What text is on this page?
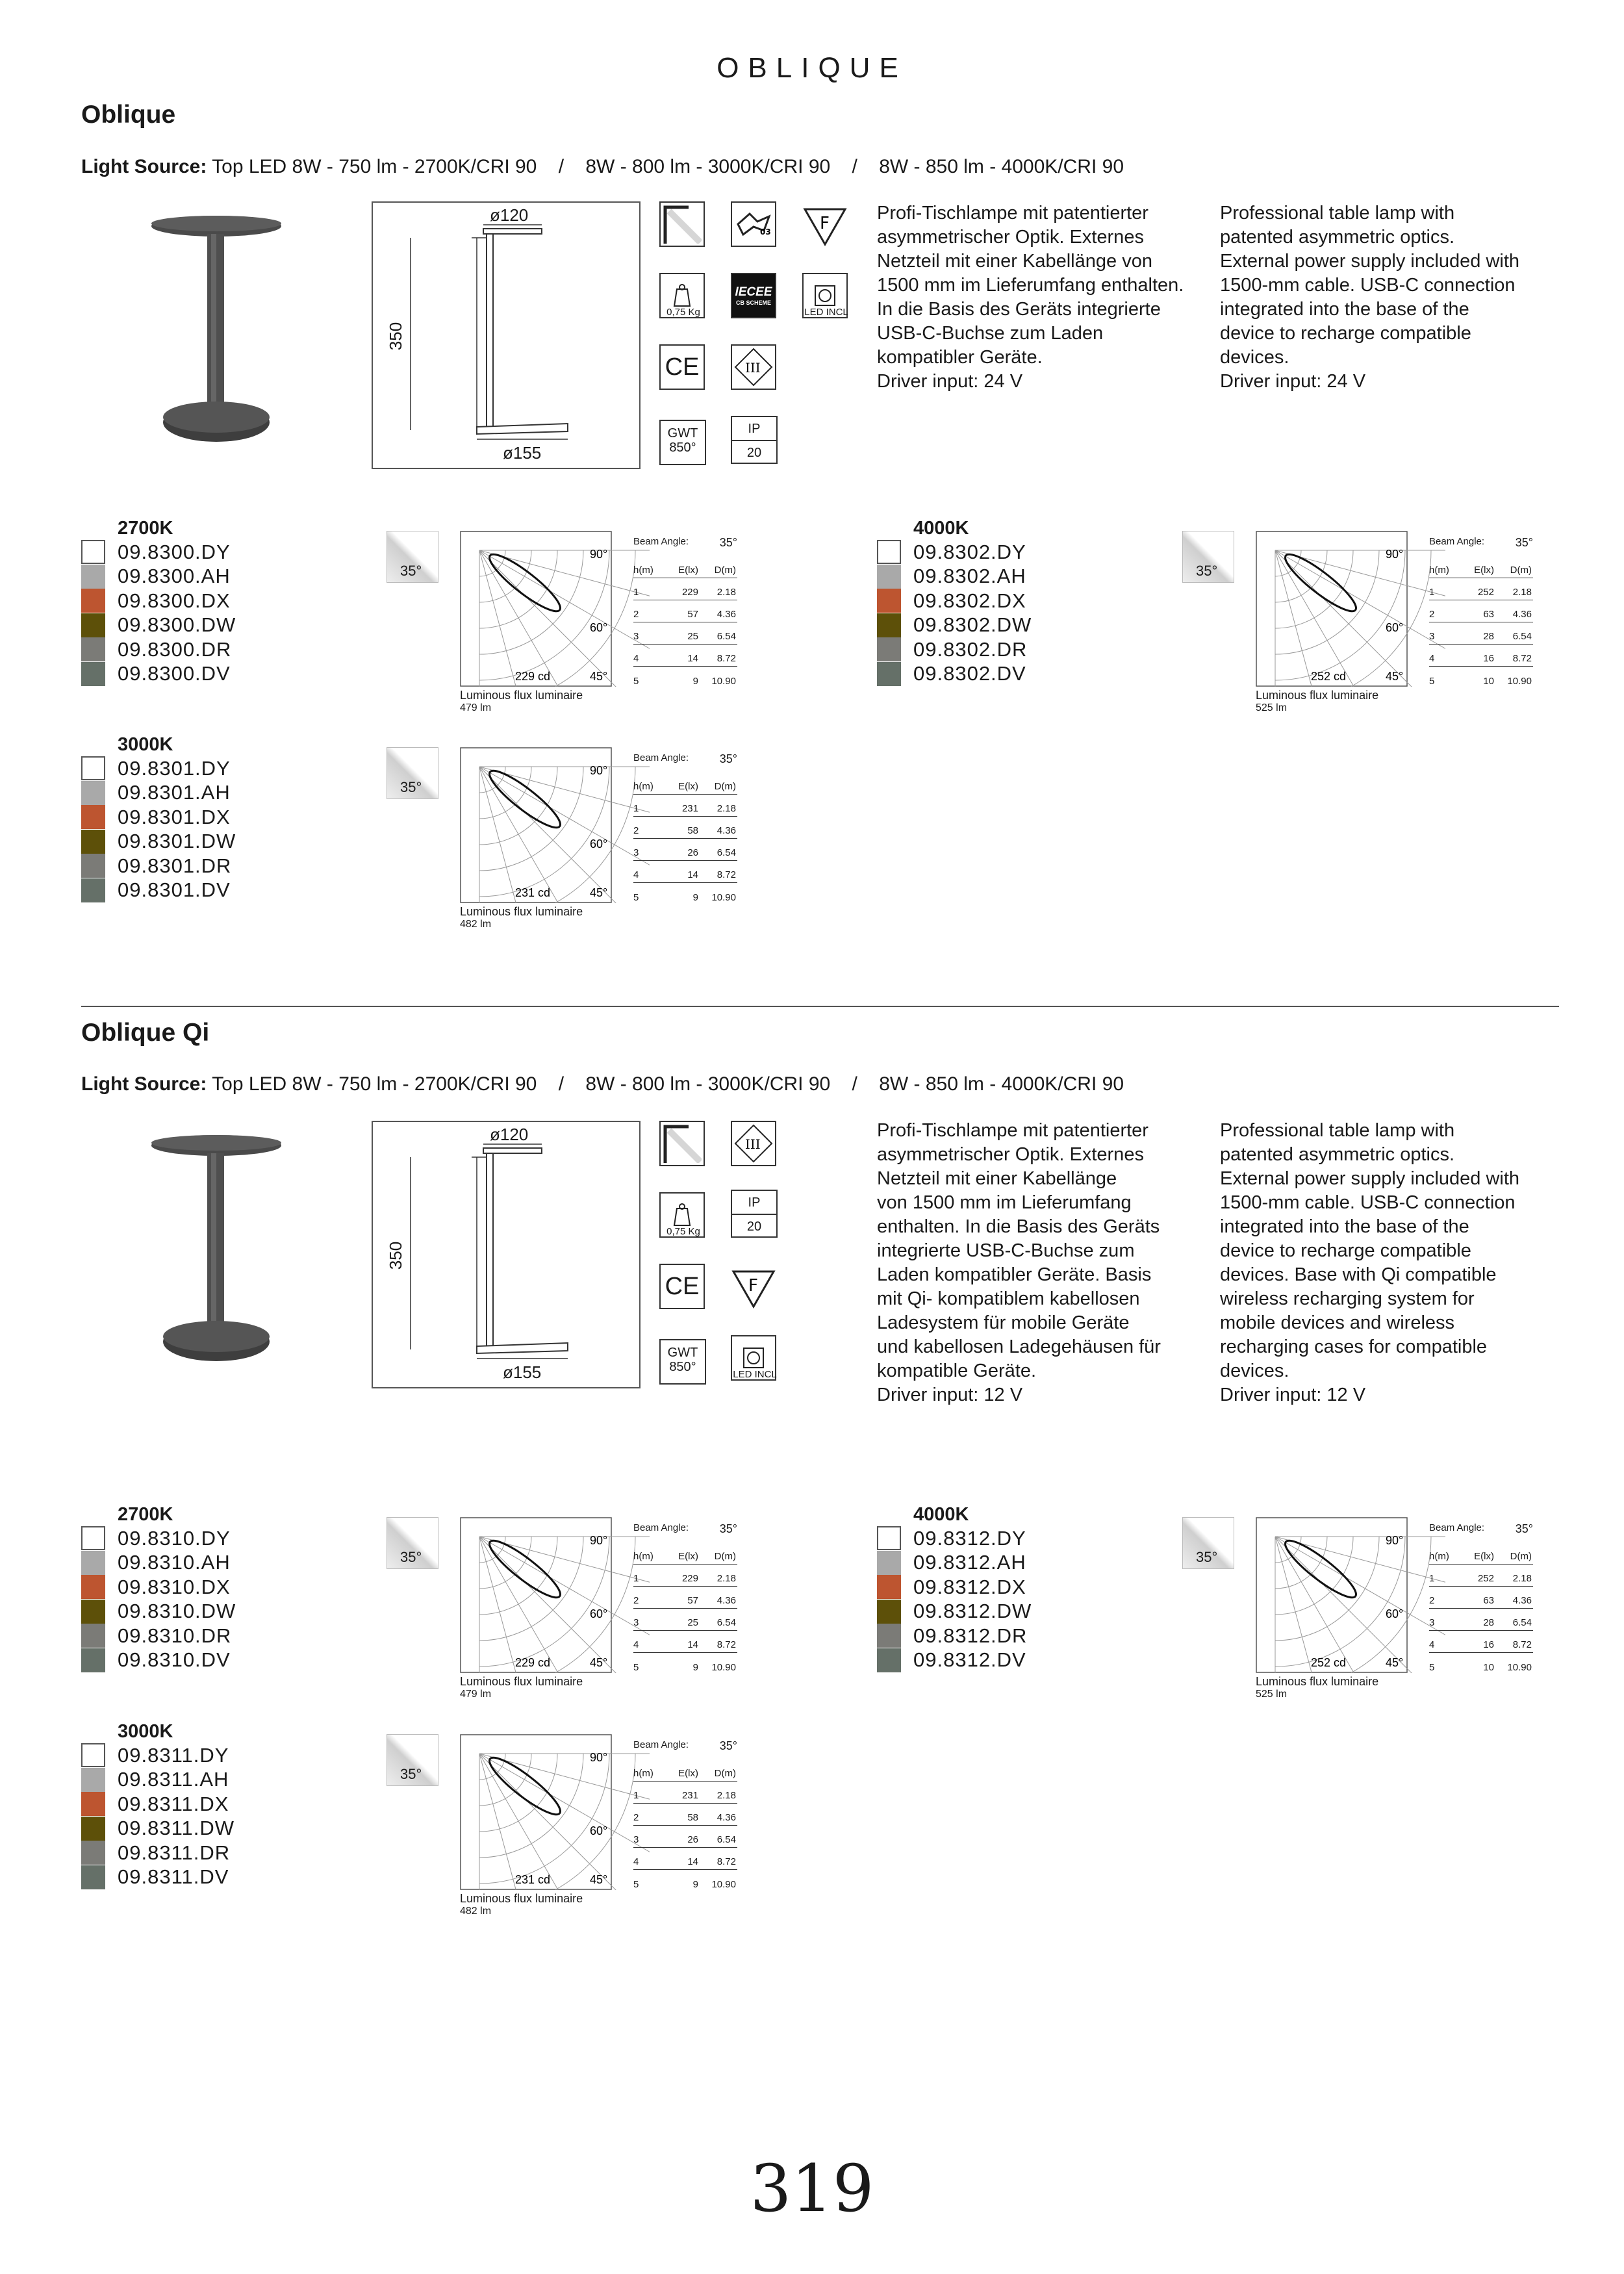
OBLIQUE
Oblique
Light Source: Top LED 8W - 750 lm - 2700K/CRI 90    /    8W - 800 lm - 3000K/CRI 90    /    8W - 850 lm - 4000K/CRI 90
ø120
350
ø155
03	F
0,75 Kg
IECEE
CB SCHEME
LED INCL
CE	III
GWT
850°
IP
20
Profi-Tischlampe mit patentierter
asymmetrischer Optik. Externes
Netzteil mit einer Kabellänge von
1500 mm im Lieferumfang enthalten.
In die Basis des Geräts integrierte
USB-C-Buchse zum Laden
kompatibler Geräte.
Driver input: 24 V
Professional table lamp with
patented asymmetric optics.
External power supply included with
1500-mm cable. USB-C connection
integrated into the base of the
device to recharge compatible
devices.
Driver input: 24 V
2700K
09.8300.DY
09.8300.AH
09.8300.DX
09.8300.DW
09.8300.DR
09.8300.DV
35°
90°
60°
45°
229 cd
Luminous flux luminaire
479 lm
Beam Angle:	35°
h(m)	E(lx)	D(m)
1	229	2.18
2	57	4.36
3	25	6.54
4	14	8.72
5	9	10.90
3000K
09.8301.DY
09.8301.AH
09.8301.DX
09.8301.DW
09.8301.DR
09.8301.DV
35°
90°
60°
45°
231 cd
Luminous flux luminaire
482 lm
Beam Angle:	35°
h(m)	E(lx)	D(m)
1	231	2.18
2	58	4.36
3	26	6.54
4	14	8.72
5	9	10.90
4000K
09.8302.DY
09.8302.AH
09.8302.DX
09.8302.DW
09.8302.DR
09.8302.DV
35°
90°
60°
45°
252 cd
Luminous flux luminaire
525 lm
Beam Angle:	35°
h(m)	E(lx)	D(m)
1	252	2.18
2	63	4.36
3	28	6.54
4	16	8.72
5	10	10.90
Oblique Qi
Light Source: Top LED 8W - 750 lm - 2700K/CRI 90    /    8W - 800 lm - 3000K/CRI 90    /    8W - 850 lm - 4000K/CRI 90
ø120
350
ø155
III
0,75 Kg
IP
20
CE	F
GWT
850°
LED INCL
Profi-Tischlampe mit patentierter
asymmetrischer Optik. Externes
Netzteil mit einer Kabellänge
von 1500 mm im Lieferumfang
enthalten. In die Basis des Geräts
integrierte USB-C-Buchse zum
Laden kompatibler Geräte. Basis
mit Qi- kompatiblem kabellosen
Ladesystem für mobile Geräte
und kabellosen Ladegehäusen für
kompatible Geräte.
Driver input: 12 V
Professional table lamp with
patented asymmetric optics.
External power supply included with
1500-mm cable. USB-C connection
integrated into the base of the
device to recharge compatible
devices. Base with Qi compatible
wireless recharging system for
mobile devices and wireless
recharging cases for compatible
devices.
Driver input: 12 V
2700K
09.8310.DY
09.8310.AH
09.8310.DX
09.8310.DW
09.8310.DR
09.8310.DV
35°
90°
60°
45°
229 cd
Luminous flux luminaire
479 lm
Beam Angle:	35°
h(m)	E(lx)	D(m)
1	229	2.18
2	57	4.36
3	25	6.54
4	14	8.72
5	9	10.90
3000K
09.8311.DY
09.8311.AH
09.8311.DX
09.8311.DW
09.8311.DR
09.8311.DV
35°
90°
60°
45°
231 cd
Luminous flux luminaire
482 lm
Beam Angle:	35°
h(m)	E(lx)	D(m)
1	231	2.18
2	58	4.36
3	26	6.54
4	14	8.72
5	9	10.90
4000K
09.8312.DY
09.8312.AH
09.8312.DX
09.8312.DW
09.8312.DR
09.8312.DV
35°
90°
60°
45°
252 cd
Luminous flux luminaire
525 lm
Beam Angle:	35°
h(m)	E(lx)	D(m)
1	252	2.18
2	63	4.36
3	28	6.54
4	16	8.72
5	10	10.90
319
